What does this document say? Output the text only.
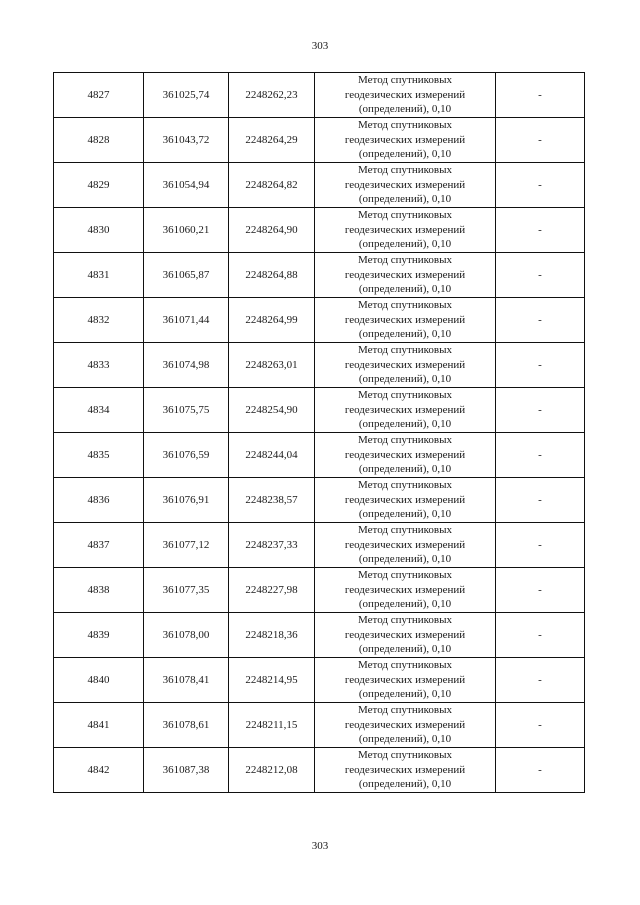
303
4827	361025,74	2248262,23	Метод спутниковых
геодезических измерений
(определений), 0,10	-
4828	361043,72	2248264,29	Метод спутниковых
геодезических измерений
(определений), 0,10	-
4829	361054,94	2248264,82	Метод спутниковых
геодезических измерений
(определений), 0,10	-
4830	361060,21	2248264,90	Метод спутниковых
геодезических измерений
(определений), 0,10	-
4831	361065,87	2248264,88	Метод спутниковых
геодезических измерений
(определений), 0,10	-
4832	361071,44	2248264,99	Метод спутниковых
геодезических измерений
(определений), 0,10	-
4833	361074,98	2248263,01	Метод спутниковых
геодезических измерений
(определений), 0,10	-
4834	361075,75	2248254,90	Метод спутниковых
геодезических измерений
(определений), 0,10	-
4835	361076,59	2248244,04	Метод спутниковых
геодезических измерений
(определений), 0,10	-
4836	361076,91	2248238,57	Метод спутниковых
геодезических измерений
(определений), 0,10	-
4837	361077,12	2248237,33	Метод спутниковых
геодезических измерений
(определений), 0,10	-
4838	361077,35	2248227,98	Метод спутниковых
геодезических измерений
(определений), 0,10	-
4839	361078,00	2248218,36	Метод спутниковых
геодезических измерений
(определений), 0,10	-
4840	361078,41	2248214,95	Метод спутниковых
геодезических измерений
(определений), 0,10	-
4841	361078,61	2248211,15	Метод спутниковых
геодезических измерений
(определений), 0,10	-
4842	361087,38	2248212,08	Метод спутниковых
геодезических измерений
(определений), 0,10	-
303
